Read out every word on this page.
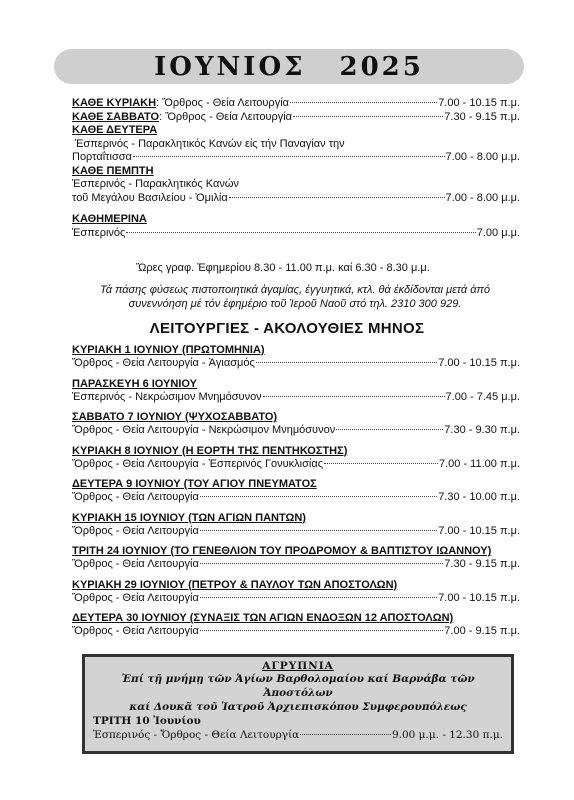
ΙΟΥΝΙΟΣ 2025
ΚΑΘΕ ΚΥΡΙΑΚΗ: Ὄρθρος - Θεία Λειτουργία	7.00 - 10.15 π.μ.
ΚΑΘΕ ΣΑΒΒΑΤΟ: Ὄρθρος - Θεία Λειτουργία	7.30 - 9.15 π.μ.
ΚΑΘΕ ΔΕΥΤΕΡΑ
Ἑσπερινός - Παρακλητικός Κανών εἰς τήν Παναγίαν την
Πορταΐτισσα	7.00 - 8.00 μ.μ.
ΚΑΘΕ ΠΕΜΠΤΗ
Ἑσπερινός - Παρακλητικός Κανών
τοῦ Μεγάλου Βασιλείου - Ὁμιλία	7.00 - 8.00 μ.μ.
ΚΑΘΗΜΕΡΙΝΑ
Ἑσπερινός	7.00 μ.μ.
Ὥρες γραφ. Ἐφημερίου 8.30 - 11.00 π.μ. καί 6.30 - 8.30 μ.μ.
Τά πάσης φύσεως πιστοποιητικά ἀγαμίας, ἐγγυητικά, κτλ. θά ἐκδίδονται μετά ἀπό συνεννόηση μέ τόν ἐφημέριο τοῦ Ἱεροῦ Ναοῦ στό τηλ. 2310 300 929.
ΛΕΙΤΟΥΡΓΙΕΣ - ΑΚΟΛΟΥΘΙΕΣ ΜΗΝΟΣ
ΚΥΡΙΑΚΗ 1 ΙΟΥΝΙΟΥ (ΠΡΩΤΟΜΗΝΙΑ)
Ὄρθρος - Θεία Λειτουργία - Ἁγιασμός	7.00 - 10.15 π.μ.
ΠΑΡΑΣΚΕΥΗ 6 ΙΟΥΝΙΟΥ
Ἑσπερινός - Νεκρώσιμον Μνημόσυνον	7.00 - 7.45 μ.μ.
ΣΑΒΒΑΤΟ 7 ΙΟΥΝΙΟΥ (ΨΥΧΟΣΑΒΒΑΤΟ)
Ὄρθρος - Θεία Λειτουργία - Νεκρώσιμον Μνημόσυνον	7.30 - 9.30 π.μ.
ΚΥΡΙΑΚΗ 8 ΙΟΥΝΙΟΥ (Η ΕΟΡΤΗ ΤΗΣ ΠΕΝΤΗΚΟΣΤΗΣ)
Ὄρθρος - Θεία Λειτουργία - Ἑσπερινός Γονυκλισίας	7.00 - 11.00 π.μ.
ΔΕΥΤΕΡΑ 9 ΙΟΥΝΙΟΥ (ΤΟΥ ΑΓΙΟΥ ΠΝΕΥΜΑΤΟΣ
Ὄρθρος - Θεία Λειτουργία	7.30 - 10.00 π.μ.
ΚΥΡΙΑΚΗ 15 ΙΟΥΝΙΟΥ (ΤΩΝ ΑΓΙΩΝ ΠΑΝΤΩΝ)
Ὄρθρος - Θεία Λειτουργία	7.00 - 10.15 π.μ.
ΤΡΙΤΗ 24 ΙΟΥΝΙΟΥ (ΤΟ ΓΕΝΕΘΛΙΟΝ ΤΟΥ ΠΡΟΔΡΟΜΟΥ & ΒΑΠΤΙΣΤΟΥ ΙΩΑΝΝΟΥ)
Ὄρθρος - Θεία Λειτουργία	7.30 - 9.15 π.μ.
ΚΥΡΙΑΚΗ 29 ΙΟΥΝΙΟΥ (ΠΕΤΡΟΥ & ΠΑΥΛΟΥ ΤΩΝ ΑΠΟΣΤΟΛΩΝ)
Ὄρθρος - Θεία Λειτουργία	7.00 - 10.15 π.μ.
ΔΕΥΤΕΡΑ 30 ΙΟΥΝΙΟΥ (ΣΥΝΑΞΙΣ ΤΩΝ ΑΓΙΩΝ ΕΝΔΟΞΩΝ 12 ΑΠΟΣΤΟΛΩΝ)
Ὄρθρος - Θεία Λειτουργία	7.00 - 9.15 π.μ.
ΑΓΡΥΠΝΙΑ
Ἐπί τῇ μνήμῃ τῶν Ἁγίων Βαρθολομαίου καί Βαρνάβα τῶν Ἀποστόλων
καί Δουκᾶ τοῦ Ἰατροῦ Ἀρχιεπισκόπου Συμφερουπόλεως
ΤΡΙΤΗ 10 Ἰουνίου
Ἑσπερινός - Ὄρθρος - Θεία Λειτουργία	9.00 μ.μ. - 12.30 π.μ.
